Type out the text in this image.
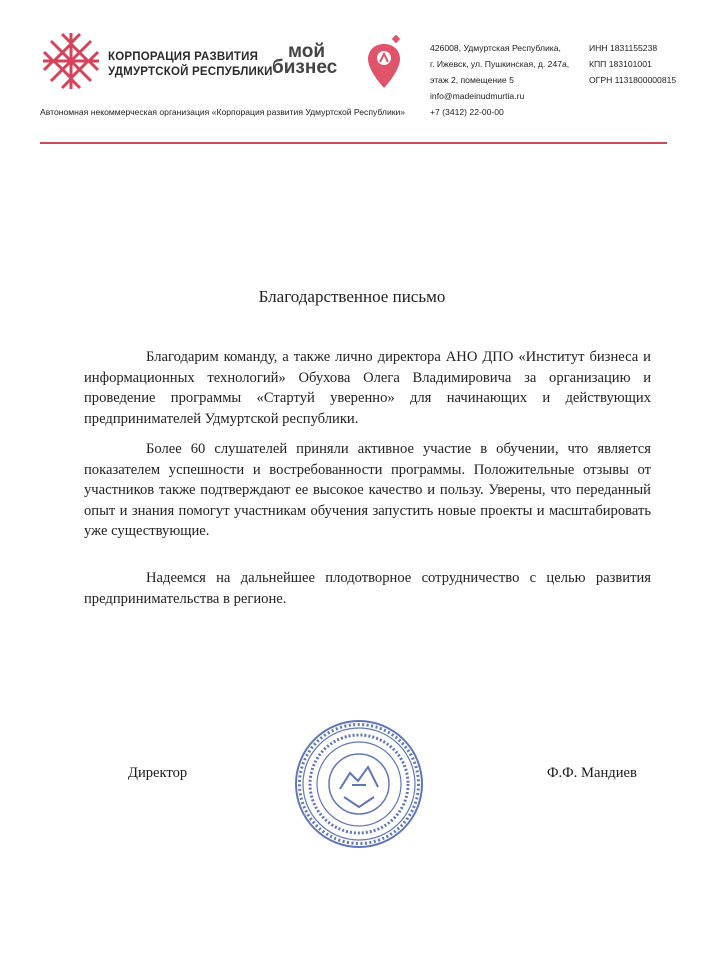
КОРПОРАЦИЯ РАЗВИТИЯ
УДМУРТСКОЙ РЕСПУБЛИКИ
мой
бизнес
426008, Удмуртская Республика,
г. Ижевск, ул. Пушкинская, д. 247а,
этаж 2, помещение 5
info@madeinudmurtia.ru
+7 (3412) 22-00-00
ИНН 1831155238
КПП 183101001
ОГРН 1131800000815
Автономная некоммерческая организация «Корпорация развития Удмуртской Республики»
Благодарственное письмо
Благодарим команду, а также лично директора АНО ДПО «Институт бизнеса и информационных технологий» Обухова Олега Владимировича за организацию и проведение программы «Стартуй уверенно» для начинающих и действующих предпринимателей Удмуртской республики.
Более 60 слушателей приняли активное участие в обучении, что является показателем успешности и востребованности программы. Положительные отзывы от участников также подтверждают ее высокое качество и пользу. Уверены, что переданный опыт и знания помогут участникам обучения запустить новые проекты и масштабировать уже существующие.
Надеемся на дальнейшее плодотворное сотрудничество с целью развития предпринимательства в регионе.
Директор	Ф.Ф. Мандиев
